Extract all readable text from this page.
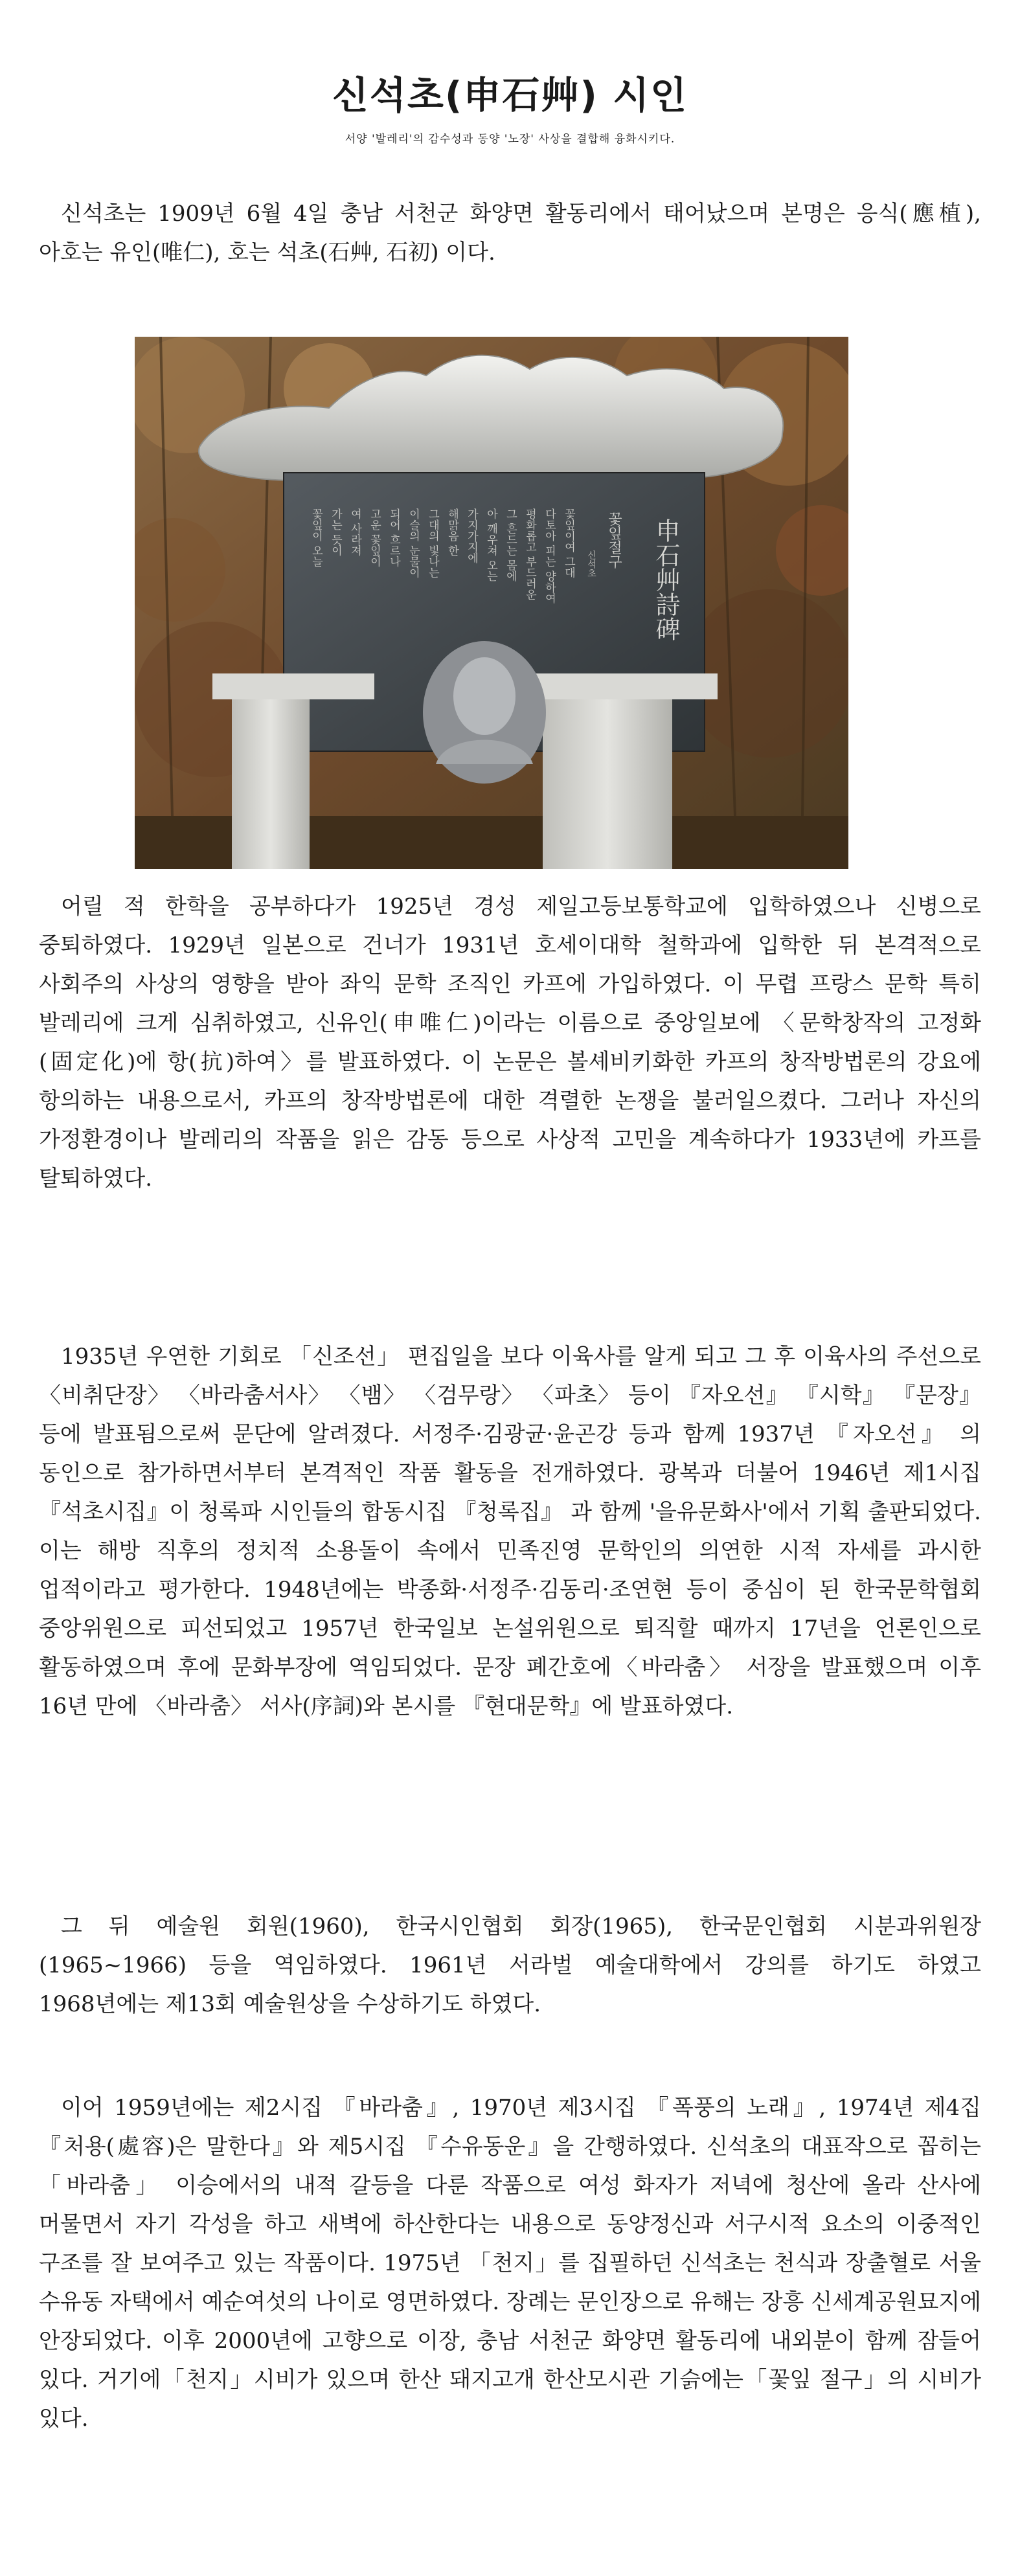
신석초(申石艸) 시인
서양 '발레리'의 감수성과 동양 '노장' 사상을 결합해 융화시키다.

신석초는 1909년 6월 4일 충남 서천군 화양면 활동리에서 태어났으며 본명은 응식(應植), 아호는 유인(唯仁), 호는 석초(石艸, 石初) 이다.

申石艸詩碑
꽃잎절구
신석초
꽃잎이여 그대
다토아 피는 양하여
평화롭고 부드러운
그 흔드는 몸에
아 깨우쳐 오는
가지가지에
해맑음 한
그대의 빛나는
이슬의 눈물이
되어 흐르나
고운 꽃잎이
여 사라져
가는 듯이
꽃잎이 오늘

어릴 적 한학을 공부하다가 1925년 경성 제일고등보통학교에 입학하였으나 신병으로 중퇴하였다. 1929년 일본으로 건너가 1931년 호세이대학 철학과에 입학한 뒤 본격적으로 사회주의 사상의 영향을 받아 좌익 문학 조직인 카프에 가입하였다. 이 무렵 프랑스 문학 특히 발레리에 크게 심취하였고, 신유인(申唯仁)이라는 이름으로 중앙일보에 〈문학창작의 고정화(固定化)에 항(抗)하여〉를 발표하였다. 이 논문은 볼셰비키화한 카프의 창작방법론의 강요에 항의하는 내용으로서, 카프의 창작방법론에 대한 격렬한 논쟁을 불러일으켰다. 그러나 자신의 가정환경이나 발레리의 작품을 읽은 감동 등으로 사상적 고민을 계속하다가 1933년에 카프를 탈퇴하였다.

1935년 우연한 기회로 「신조선」 편집일을 보다 이육사를 알게 되고 그 후 이육사의 주선으로 〈비취단장〉 〈바라춤서사〉 〈뱀〉 〈검무랑〉 〈파초〉 등이 『자오선』 『시학』 『문장』 등에 발표됨으로써 문단에 알려졌다. 서정주·김광균·윤곤강 등과 함께 1937년 『자오선』 의 동인으로 참가하면서부터 본격적인 작품 활동을 전개하였다. 광복과 더불어 1946년 제1시집 『석초시집』이 청록파 시인들의 합동시집 『청록집』 과 함께 '을유문화사'에서 기획 출판되었다. 이는 해방 직후의 정치적 소용돌이 속에서 민족진영 문학인의 의연한 시적 자세를 과시한 업적이라고 평가한다. 1948년에는 박종화·서정주·김동리·조연현 등이 중심이 된 한국문학협회 중앙위원으로 피선되었고 1957년 한국일보 논설위원으로 퇴직할 때까지 17년을 언론인으로 활동하였으며 후에 문화부장에 역임되었다. 문장 폐간호에〈바라춤〉 서장을 발표했으며 이후 16년 만에 〈바라춤〉 서사(序詞)와 본시를 『현대문학』에 발표하였다.

그 뒤 예술원 회원(1960), 한국시인협회 회장(1965), 한국문인협회 시분과위원장(1965~1966) 등을 역임하였다. 1961년 서라벌 예술대학에서 강의를 하기도 하였고 1968년에는 제13회 예술원상을 수상하기도 하였다.

이어 1959년에는 제2시집 『바라춤』, 1970년 제3시집 『폭풍의 노래』, 1974년 제4집 『처용(處容)은 말한다』와 제5시집 『수유동운』을 간행하였다. 신석초의 대표작으로 꼽히는 「바라춤」 이승에서의 내적 갈등을 다룬 작품으로 여성 화자가 저녁에 청산에 올라 산사에 머물면서 자기 각성을 하고 새벽에 하산한다는 내용으로 동양정신과 서구시적 요소의 이중적인 구조를 잘 보여주고 있는 작품이다. 1975년 「천지」를 집필하던 신석초는 천식과 장출혈로 서울 수유동 자택에서 예순여섯의 나이로 영면하였다. 장례는 문인장으로 유해는 장흥 신세계공원묘지에 안장되었다. 이후 2000년에 고향으로 이장, 충남 서천군 화양면 활동리에 내외분이 함께 잠들어 있다. 거기에「천지」시비가 있으며 한산 돼지고개 한산모시관 기슭에는「꽃잎 절구」의 시비가 있다.
